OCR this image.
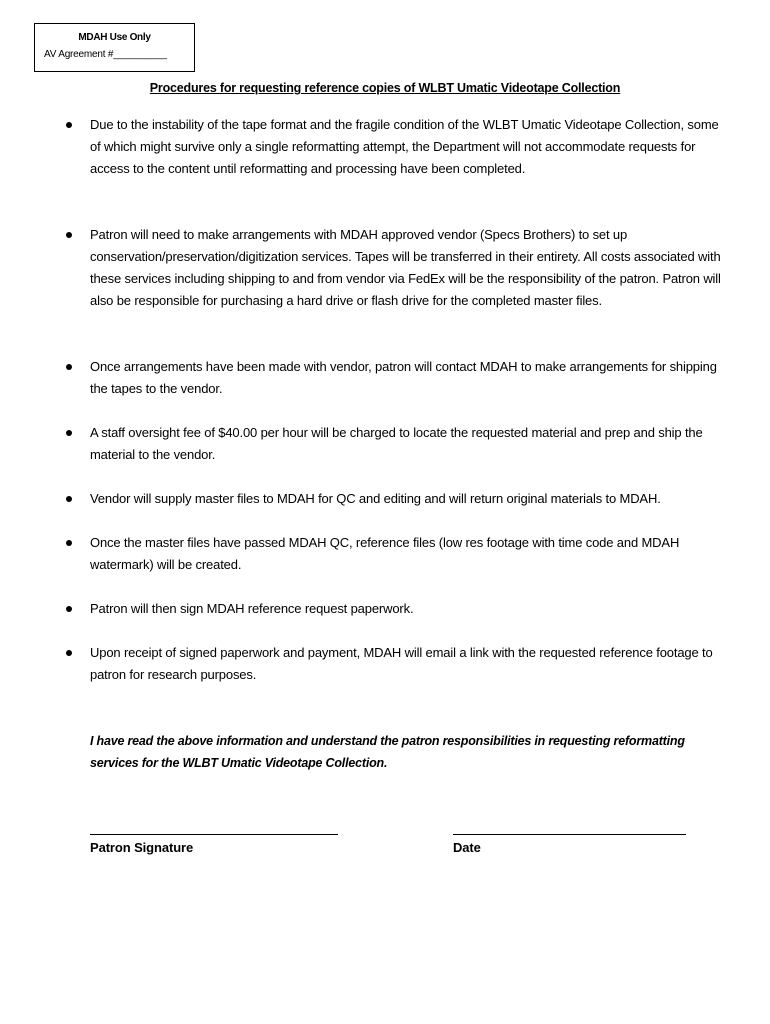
MDAH Use Only
AV Agreement #__________
Procedures for requesting reference copies of WLBT Umatic Videotape Collection
Due to the instability of the tape format and the fragile condition of the WLBT Umatic Videotape Collection, some of which might survive only a single reformatting attempt, the Department will not accommodate requests for access to the content until reformatting and processing have been completed.
Patron will need to make arrangements with MDAH approved vendor (Specs Brothers) to set up conservation/preservation/digitization services. Tapes will be transferred in their entirety. All costs associated with these services including shipping to and from vendor via FedEx will be the responsibility of the patron. Patron will also be responsible for purchasing a hard drive or flash drive for the completed master files.
Once arrangements have been made with vendor, patron will contact MDAH to make arrangements for shipping the tapes to the vendor.
A staff oversight fee of $40.00 per hour will be charged to locate the requested material and prep and ship the material to the vendor.
Vendor will supply master files to MDAH for QC and editing and will return original materials to MDAH.
Once the master files have passed MDAH QC, reference files (low res footage with time code and MDAH watermark) will be created.
Patron will then sign MDAH reference request paperwork.
Upon receipt of signed paperwork and payment, MDAH will email a link with the requested reference footage to patron for research purposes.
I have read the above information and understand the patron responsibilities in requesting reformatting services for the WLBT Umatic Videotape Collection.
Patron Signature	Date
